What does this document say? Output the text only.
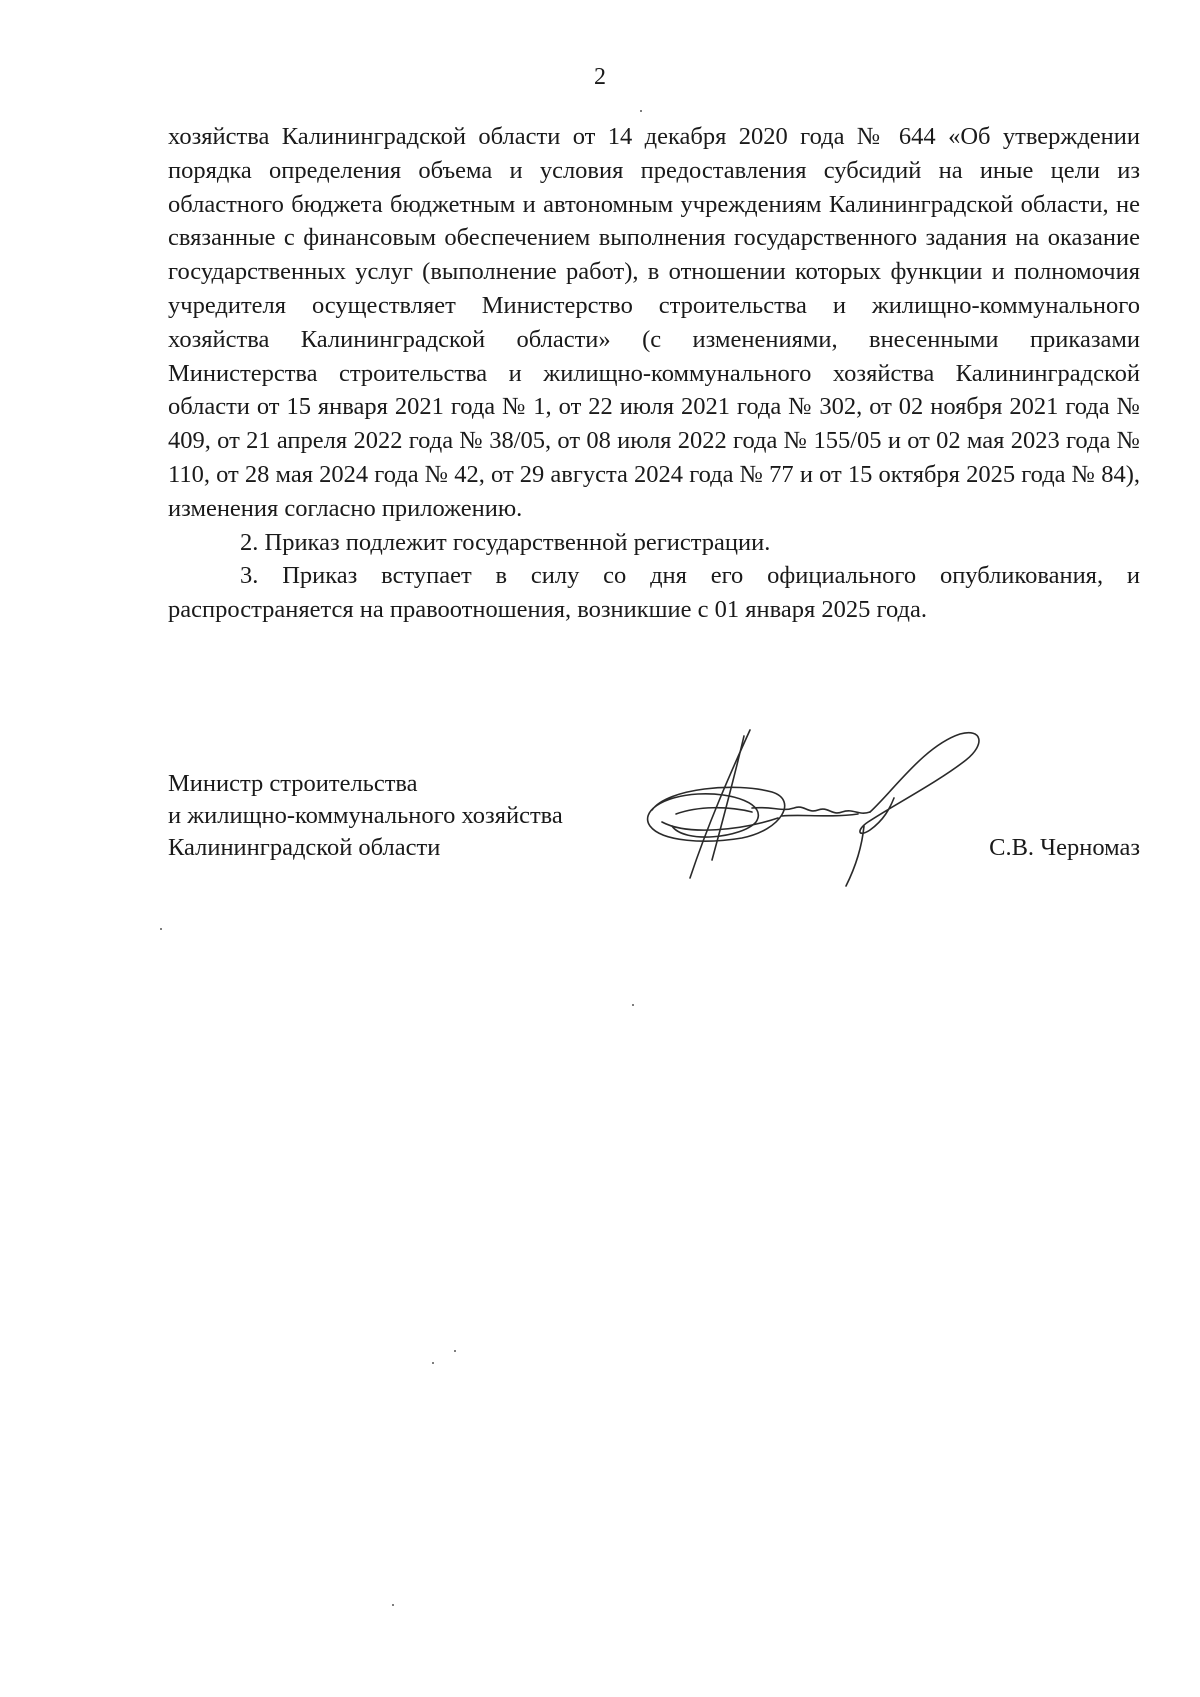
2

хозяйства Калининградской области от 14 декабря 2020 года № 644 «Об утверждении порядка определения объема и условия предоставления субсидий на иные цели из областного бюджета бюджетным и автономным учреждениям Калининградской области, не связанные с финансовым обеспечением выполнения государственного задания на оказание государственных услуг (выполнение работ), в отношении которых функции и полномочия учредителя осуществляет Министерство строительства и жилищно-коммунального хозяйства Калининградской области» (с изменениями, внесенными приказами Министерства строительства и жилищно-коммунального хозяйства Калининградской области от 15 января 2021 года № 1, от 22 июля 2021 года № 302, от 02 ноября 2021 года № 409, от 21 апреля 2022 года № 38/05, от 08 июля 2022 года № 155/05 и от 02 мая 2023 года № 110, от 28 мая 2024 года № 42, от 29 августа 2024 года № 77 и от 15 октября 2025 года № 84), изменения согласно приложению.

2. Приказ подлежит государственной регистрации.

3. Приказ вступает в силу со дня его официального опубликования, и распространяется на правоотношения, возникшие с 01 января 2025 года.

Министр строительства
и жилищно-коммунального хозяйства
Калининградской области	С.В. Черномаз
